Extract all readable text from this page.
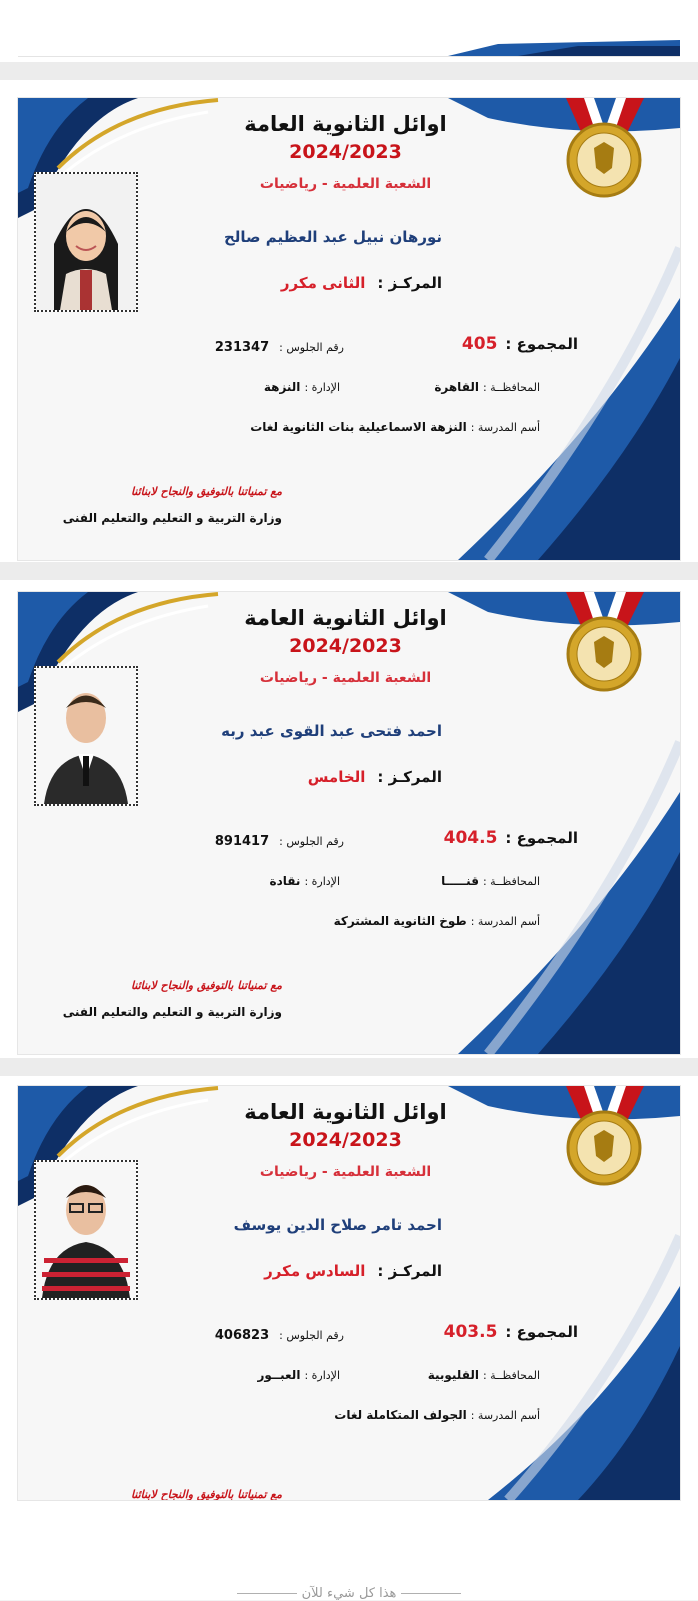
اوائل الثانوية العامة
2024/2023
الشعبة العلمية - رياضيات
نورهان نبيل عبد العظيم صالح
المركـز :الثانى مكرر
المجموع :405
رقم الجلوس :231347
المحافظــة :القاهرة
الإدارة :النزهة
أسم المدرسة :النزهة الاسماعيلية بنات الثانوية لغات
مع تمنياتنا بالتوفيق والنجاح لابنائنا
وزارة التربية و التعليم والتعليم الفنى
اوائل الثانوية العامة
2024/2023
الشعبة العلمية - رياضيات
احمد فتحى عبد القوى عبد ربه
المركـز :الخامس
المجموع :404.5
رقم الجلوس :891417
المحافظــة :قنـــــا
الإدارة :نقادة
أسم المدرسة :طوخ الثانوية المشتركة
مع تمنياتنا بالتوفيق والنجاح لابنائنا
وزارة التربية و التعليم والتعليم الفنى
اوائل الثانوية العامة
2024/2023
الشعبة العلمية - رياضيات
احمد تامر صلاح الدين يوسف
المركـز :السادس مكرر
المجموع :403.5
رقم الجلوس :406823
المحافظــة :القليوبية
الإدارة :العبــور
أسم المدرسة :الجولف المتكاملة لغات
مع تمنياتنا بالتوفيق والنجاح لابنائنا
هذا كل شيء للآن
